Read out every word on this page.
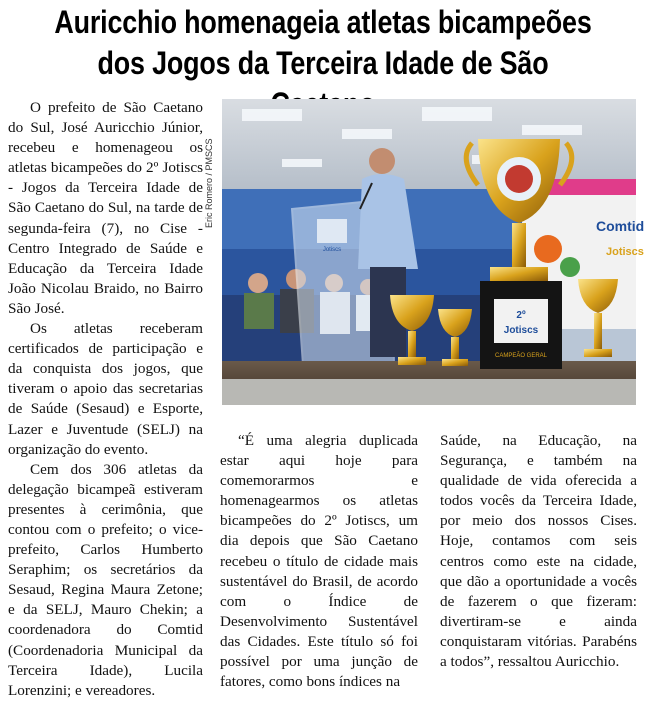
Auricchio homenageia atletas bicampeões
dos Jogos da Terceira Idade de São

O prefeito de São Caetano do Sul, José Auricchio Júnior, recebeu e homenageou os atletas bicampeões do 2º Jotiscs - Jogos da Terceira Idade de São Caetano do Sul, na tarde de segunda-feira (7), no Cise - Centro Integrado de Saúde e Educação da Terceira Idade João Nicolau Braido, no Bairro São José.

Os atletas receberam certificados de participação e da conquista dos jogos, que tiveram o apoio das secretarias de Saúde (Sesaud) e Esporte, Lazer e Juventude (SELJ) na organização do evento.

Cem dos 306 atletas da delegação bicampeã estiveram presentes à cerimônia, que contou com o prefeito; o vice-prefeito, Carlos Humberto Seraphim; os secretários da Sesaud, Regina Maura Zetone; e da SELJ, Mauro Chekin; a coordenadora do Comtid (Coordenadoria Municipal da Terceira Idade), Lucila Lorenzini; e vereadores.

Eric Romero / PMSCS	Comtid
Jotiscs
Jotiscs
2º
Jotiscs
CAMPEÃO GERAL

“É uma alegria duplicada estar aqui hoje para comemorarmos e homenagearmos os atletas bicampeões do 2º Jotiscs, um dia depois que São Caetano recebeu o título de cidade mais sustentável do Brasil, de acordo com o Índice de Desenvolvimento Sustentável das Cidades. Este título só foi possível por uma junção de fatores, como bons índices na

Saúde, na Educação, na Segurança, e também na qualidade de vida oferecida a todos vocês da Terceira Idade, por meio dos nossos Cises. Hoje, contamos com seis centros como este na cidade, que dão a oportunidade a vocês de fazerem o que fizeram: divertiram-se e ainda conquistaram vitórias. Parabéns a todos”, ressaltou Auricchio.
